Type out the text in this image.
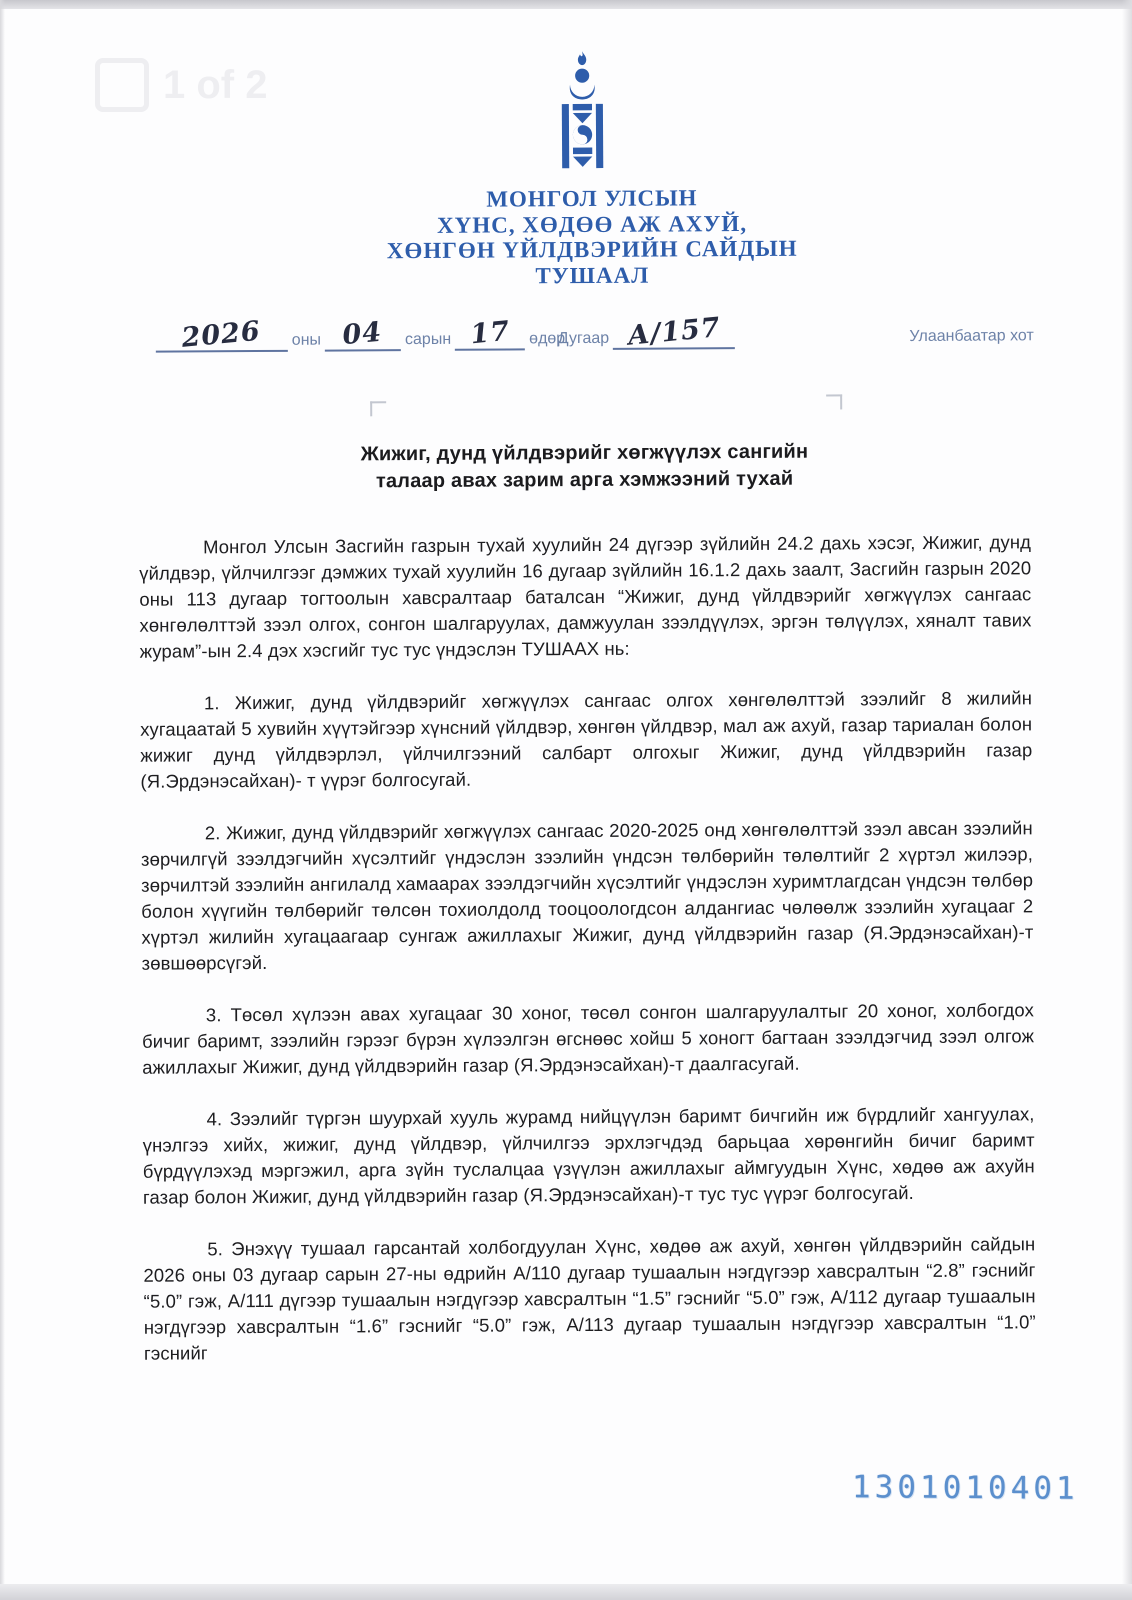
1 of 2
МОНГОЛ УЛСЫН
ХҮНС, ХӨДӨӨ АЖ АХУЙ,
ХӨНГӨН ҮЙЛДВЭРИЙН САЙДЫН
ТУШААЛ
2026 оны 04 сарын 17 өдөр
Дугаар А/157	Улаанбаатар хот
Жижиг, дунд үйлдвэрийг хөгжүүлэх сангийн
талаар авах зарим арга хэмжээний тухай

Монгол Улсын Засгийн газрын тухай хуулийн 24 дүгээр зүйлийн 24.2 дахь хэсэг, Жижиг, дунд үйлдвэр, үйлчилгээг дэмжих тухай хуулийн 16 дугаар зүйлийн 16.1.2 дахь заалт, Засгийн газрын 2020 оны 113 дугаар тогтоолын хавсралтаар баталсан “Жижиг, дунд үйлдвэрийг хөгжүүлэх сангаас хөнгөлөлттэй зээл олгох, сонгон шалгаруулах, дамжуулан зээлдүүлэх, эргэн төлүүлэх, хяналт тавих журам”-ын 2.4 дэх хэсгийг тус тус үндэслэн ТУШААХ нь:

1. Жижиг, дунд үйлдвэрийг хөгжүүлэх сангаас олгох хөнгөлөлттэй зээлийг 8 жилийн хугацаатай 5 хувийн хүүтэйгээр хүнсний үйлдвэр, хөнгөн үйлдвэр, мал аж ахуй, газар тариалан болон жижиг дунд үйлдвэрлэл, үйлчилгээний салбарт олгохыг Жижиг, дунд үйлдвэрийн газар (Я.Эрдэнэсайхан)- т үүрэг болгосугай.

2. Жижиг, дунд үйлдвэрийг хөгжүүлэх сангаас 2020-2025 онд хөнгөлөлттэй зээл авсан зээлийн зөрчилгүй зээлдэгчийн хүсэлтийг үндэслэн зээлийн үндсэн төлбөрийн төлөлтийг 2 хүртэл жилээр, зөрчилтэй зээлийн ангилалд хамаарах зээлдэгчийн хүсэлтийг үндэслэн хуримтлагдсан үндсэн төлбөр болон хүүгийн төлбөрийг төлсөн тохиолдолд тооцоологдсон алдангиас чөлөөлж зээлийн хугацааг 2 хүртэл жилийн хугацаагаар сунгаж ажиллахыг Жижиг, дунд үйлдвэрийн газар (Я.Эрдэнэсайхан)-т зөвшөөрсүгэй.

3. Төсөл хүлээн авах хугацааг 30 хоног, төсөл сонгон шалгаруулалтыг 20 хоног, холбогдох бичиг баримт, зээлийн гэрээг бүрэн хүлээлгэн өгснөөс хойш 5 хоногт багтаан зээлдэгчид зээл олгож ажиллахыг Жижиг, дунд үйлдвэрийн газар (Я.Эрдэнэсайхан)-т даалгасугай.

4. Зээлийг түргэн шуурхай хууль журамд нийцүүлэн баримт бичгийн иж бүрдлийг хангуулах, үнэлгээ хийх, жижиг, дунд үйлдвэр, үйлчилгээ эрхлэгчдэд барьцаа хөрөнгийн бичиг баримт бүрдүүлэхэд мэргэжил, арга зүйн туслалцаа үзүүлэн ажиллахыг аймгуудын Хүнс, хөдөө аж ахуйн газар болон Жижиг, дунд үйлдвэрийн газар (Я.Эрдэнэсайхан)-т тус тус үүрэг болгосугай.

5. Энэхүү тушаал гарсантай холбогдуулан Хүнс, хөдөө аж ахуй, хөнгөн үйлдвэрийн сайдын 2026 оны 03 дугаар сарын 27-ны өдрийн А/110 дугаар тушаалын нэгдүгээр хавсралтын “2.8” гэснийг “5.0” гэж, А/111 дүгээр тушаалын нэгдүгээр хавсралтын “1.5” гэснийг “5.0” гэж, А/112 дугаар тушаалын нэгдүгээр хавсралтын “1.6” гэснийг “5.0” гэж, А/113 дугаар тушаалын нэгдүгээр хавсралтын “1.0” гэснийг

1301010401
